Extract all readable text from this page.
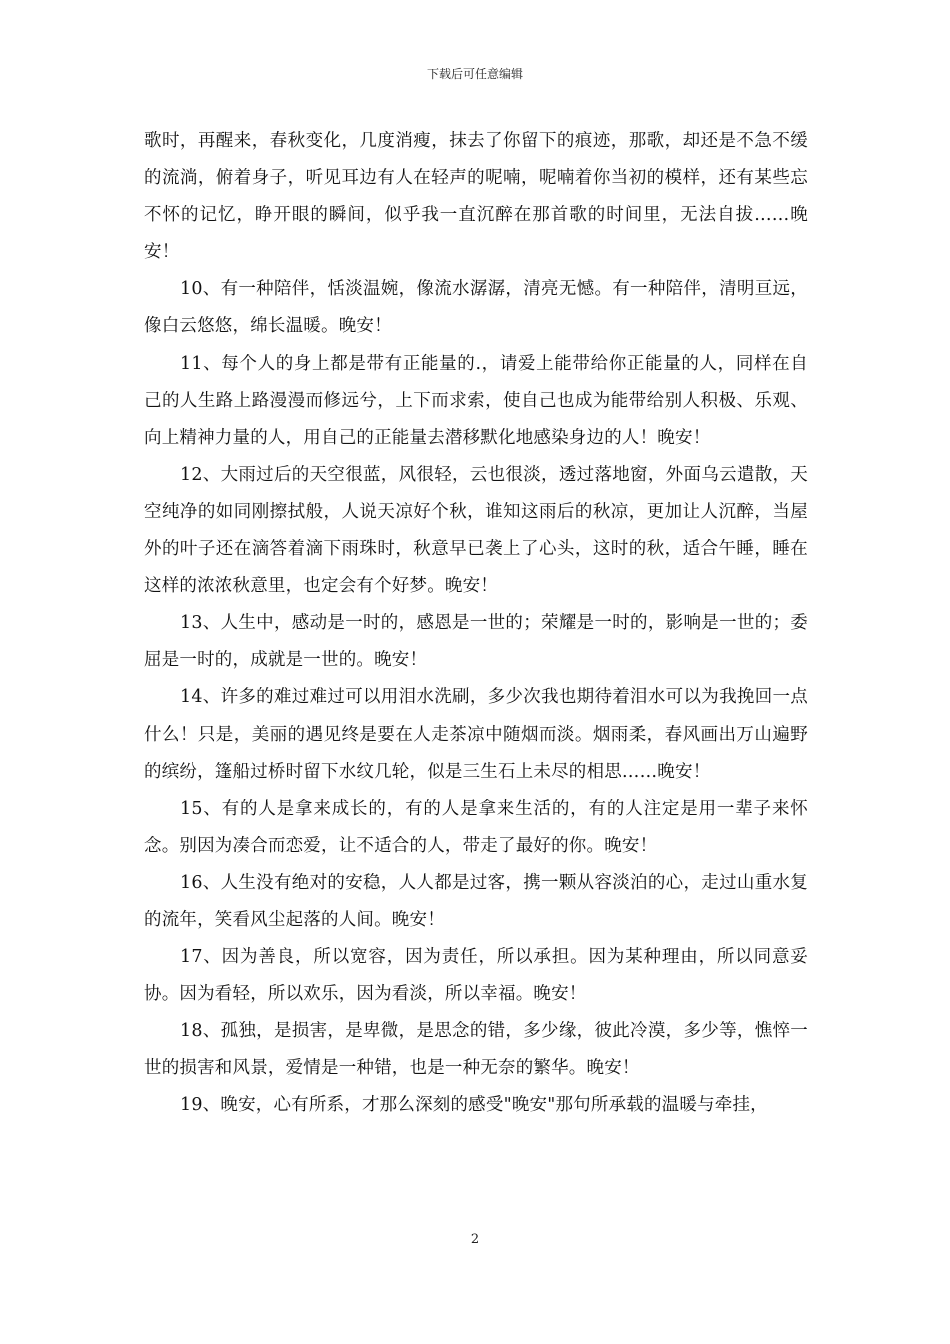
下载后可任意编辑

歌时，再醒来，春秋变化，几度消瘦，抹去了你留下的痕迹，那歌，却还是不急不缓的流淌，俯着身子，听见耳边有人在轻声的呢喃，呢喃着你当初的模样，还有某些忘不怀的记忆，睁开眼的瞬间，似乎我一直沉醉在那首歌的时间里，无法自拔……晚安！

10、有一种陪伴，恬淡温婉，像流水潺潺，清亮无憾。有一种陪伴，清明亘远，像白云悠悠，绵长温暖。晚安！

11、每个人的身上都是带有正能量的.，请爱上能带给你正能量的人，同样在自己的人生路上路漫漫而修远兮，上下而求索，使自己也成为能带给别人积极、乐观、向上精神力量的人，用自己的正能量去潜移默化地感染身边的人！晚安！

12、大雨过后的天空很蓝，风很轻，云也很淡，透过落地窗，外面乌云遣散，天空纯净的如同刚擦拭般，人说天凉好个秋，谁知这雨后的秋凉，更加让人沉醉，当屋外的叶子还在滴答着滴下雨珠时，秋意早已袭上了心头，这时的秋，适合午睡，睡在这样的浓浓秋意里，也定会有个好梦。晚安！

13、人生中，感动是一时的，感恩是一世的；荣耀是一时的，影响是一世的；委屈是一时的，成就是一世的。晚安！

14、许多的难过难过可以用泪水洗刷，多少次我也期待着泪水可以为我挽回一点什么！只是，美丽的遇见终是要在人走茶凉中随烟而淡。烟雨柔，春风画出万山遍野的缤纷，篷船过桥时留下水纹几轮，似是三生石上未尽的相思……晚安！

15、有的人是拿来成长的，有的人是拿来生活的，有的人注定是用一辈子来怀念。别因为凑合而恋爱，让不适合的人，带走了最好的你。晚安！

16、人生没有绝对的安稳，人人都是过客，携一颗从容淡泊的心，走过山重水复的流年，笑看风尘起落的人间。晚安！

17、因为善良，所以宽容，因为责任，所以承担。因为某种理由，所以同意妥协。因为看轻，所以欢乐，因为看淡，所以幸福。晚安！

18、孤独，是损害，是卑微，是思念的错，多少缘，彼此冷漠，多少等，憔悴一世的损害和风景，爱情是一种错，也是一种无奈的繁华。晚安！

19、晚安，心有所系，才那么深刻的感受"晚安"那句所承载的温暖与牵挂，

2
